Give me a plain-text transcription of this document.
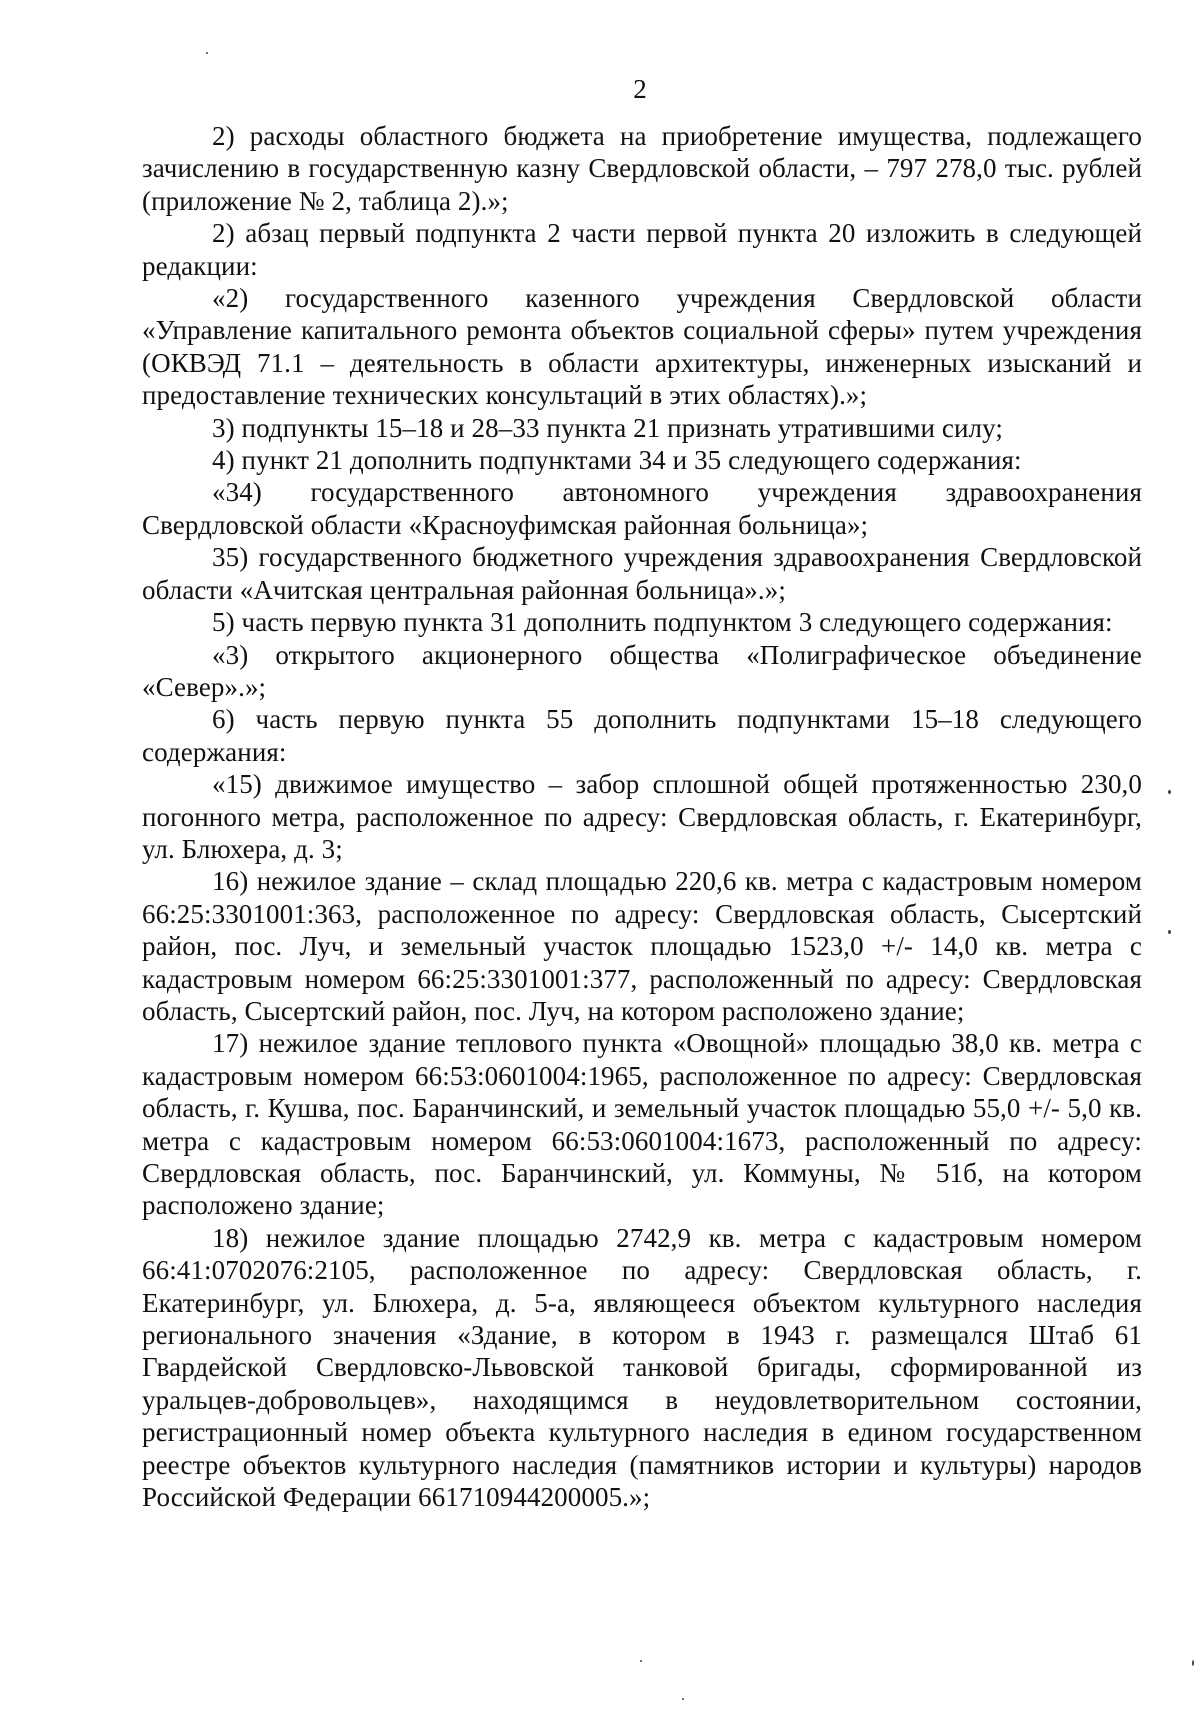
2

2) расходы областного бюджета на приобретение имущества, подлежащего зачислению в государственную казну Свердловской области, – 797 278,0 тыс. рублей (приложение № 2, таблица 2).»;

2) абзац первый подпункта 2 части первой пункта 20 изложить в следующей редакции:

«2) государственного казенного учреждения Свердловской области «Управление капитального ремонта объектов социальной сферы» путем учреждения (ОКВЭД 71.1 – деятельность в области архитектуры, инженерных изысканий и предоставление технических консультаций в этих областях).»;

3) подпункты 15–18 и 28–33 пункта 21 признать утратившими силу;

4) пункт 21 дополнить подпунктами 34 и 35 следующего содержания:

«34) государственного автономного учреждения здравоохранения Свердловской области «Красноуфимская районная больница»;

35) государственного бюджетного учреждения здравоохранения Свердловской области «Ачитская центральная районная больница».»;

5) часть первую пункта 31 дополнить подпунктом 3 следующего содержания:

«3) открытого акционерного общества «Полиграфическое объединение «Север».»;

6) часть первую пункта 55 дополнить подпунктами 15–18 следующего содержания:

«15) движимое имущество – забор сплошной общей протяженностью 230,0 погонного метра, расположенное по адресу: Свердловская область, г. Екатеринбург, ул. Блюхера, д. 3;

16) нежилое здание – склад площадью 220,6 кв. метра с кадастровым номером 66:25:3301001:363, расположенное по адресу: Свердловская область, Сысертский район, пос. Луч, и земельный участок площадью 1523,0 +/- 14,0 кв. метра с кадастровым номером 66:25:3301001:377, расположенный по адресу: Свердловская область, Сысертский район, пос. Луч, на котором расположено здание;

17) нежилое здание теплового пункта «Овощной» площадью 38,0 кв. метра с кадастровым номером 66:53:0601004:1965, расположенное по адресу: Свердловская область, г. Кушва, пос. Баранчинский, и земельный участок площадью 55,0 +/- 5,0 кв. метра с кадастровым номером 66:53:0601004:1673, расположенный по адресу: Свердловская область, пос. Баранчинский, ул. Коммуны, № 51б, на котором расположено здание;

18) нежилое здание площадью 2742,9 кв. метра с кадастровым номером 66:41:0702076:2105, расположенное по адресу: Свердловская область, г. Екатеринбург, ул. Блюхера, д. 5-а, являющееся объектом культурного наследия регионального значения «Здание, в котором в 1943 г. размещался Штаб 61 Гвардейской Свердловско-Львовской танковой бригады, сформированной из уральцев-добровольцев», находящимся в неудовлетворительном состоянии, регистрационный номер объекта культурного наследия в едином государственном реестре объектов культурного наследия (памятников истории и культуры) народов Российской Федерации 661710944200005.»;
